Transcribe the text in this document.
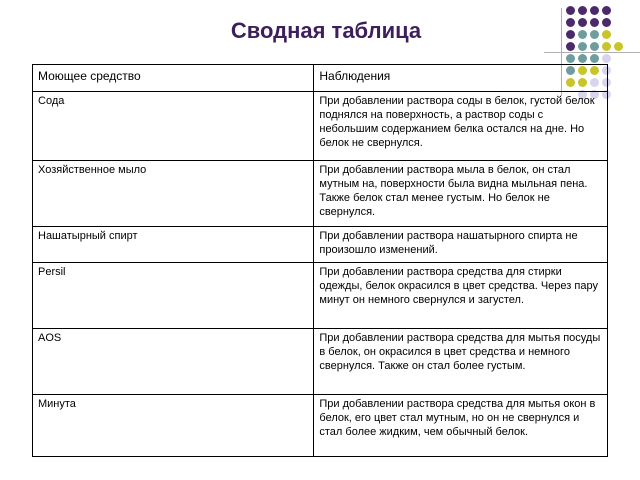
Сводная таблица
Моющее средство	Наблюдения
Сода	При добавлении раствора соды в белок, густой белок поднялся на поверхность, а раствор соды с небольшим содержанием белка остался на дне. Но белок не свернулся.
Хозяйственное мыло	При добавлении раствора мыла в белок, он стал мутным на, поверхности была видна мыльная пена. Также белок стал менее густым. Но белок не свернулся.
Нашатырный спирт	При добавлении раствора нашатырного спирта не произошло изменений.
Persil	При добавлении раствора средства для стирки одежды, белок окрасился в цвет средства. Через пару минут он немного свернулся и загустел.
AOS	При добавлении раствора средства для мытья посуды в белок, он окрасился в цвет средства и немного свернулся. Также он стал более густым.
Минута	При добавлении раствора средства для мытья окон в белок, его цвет стал мутным, но он не свернулся и стал более жидким, чем обычный белок.
